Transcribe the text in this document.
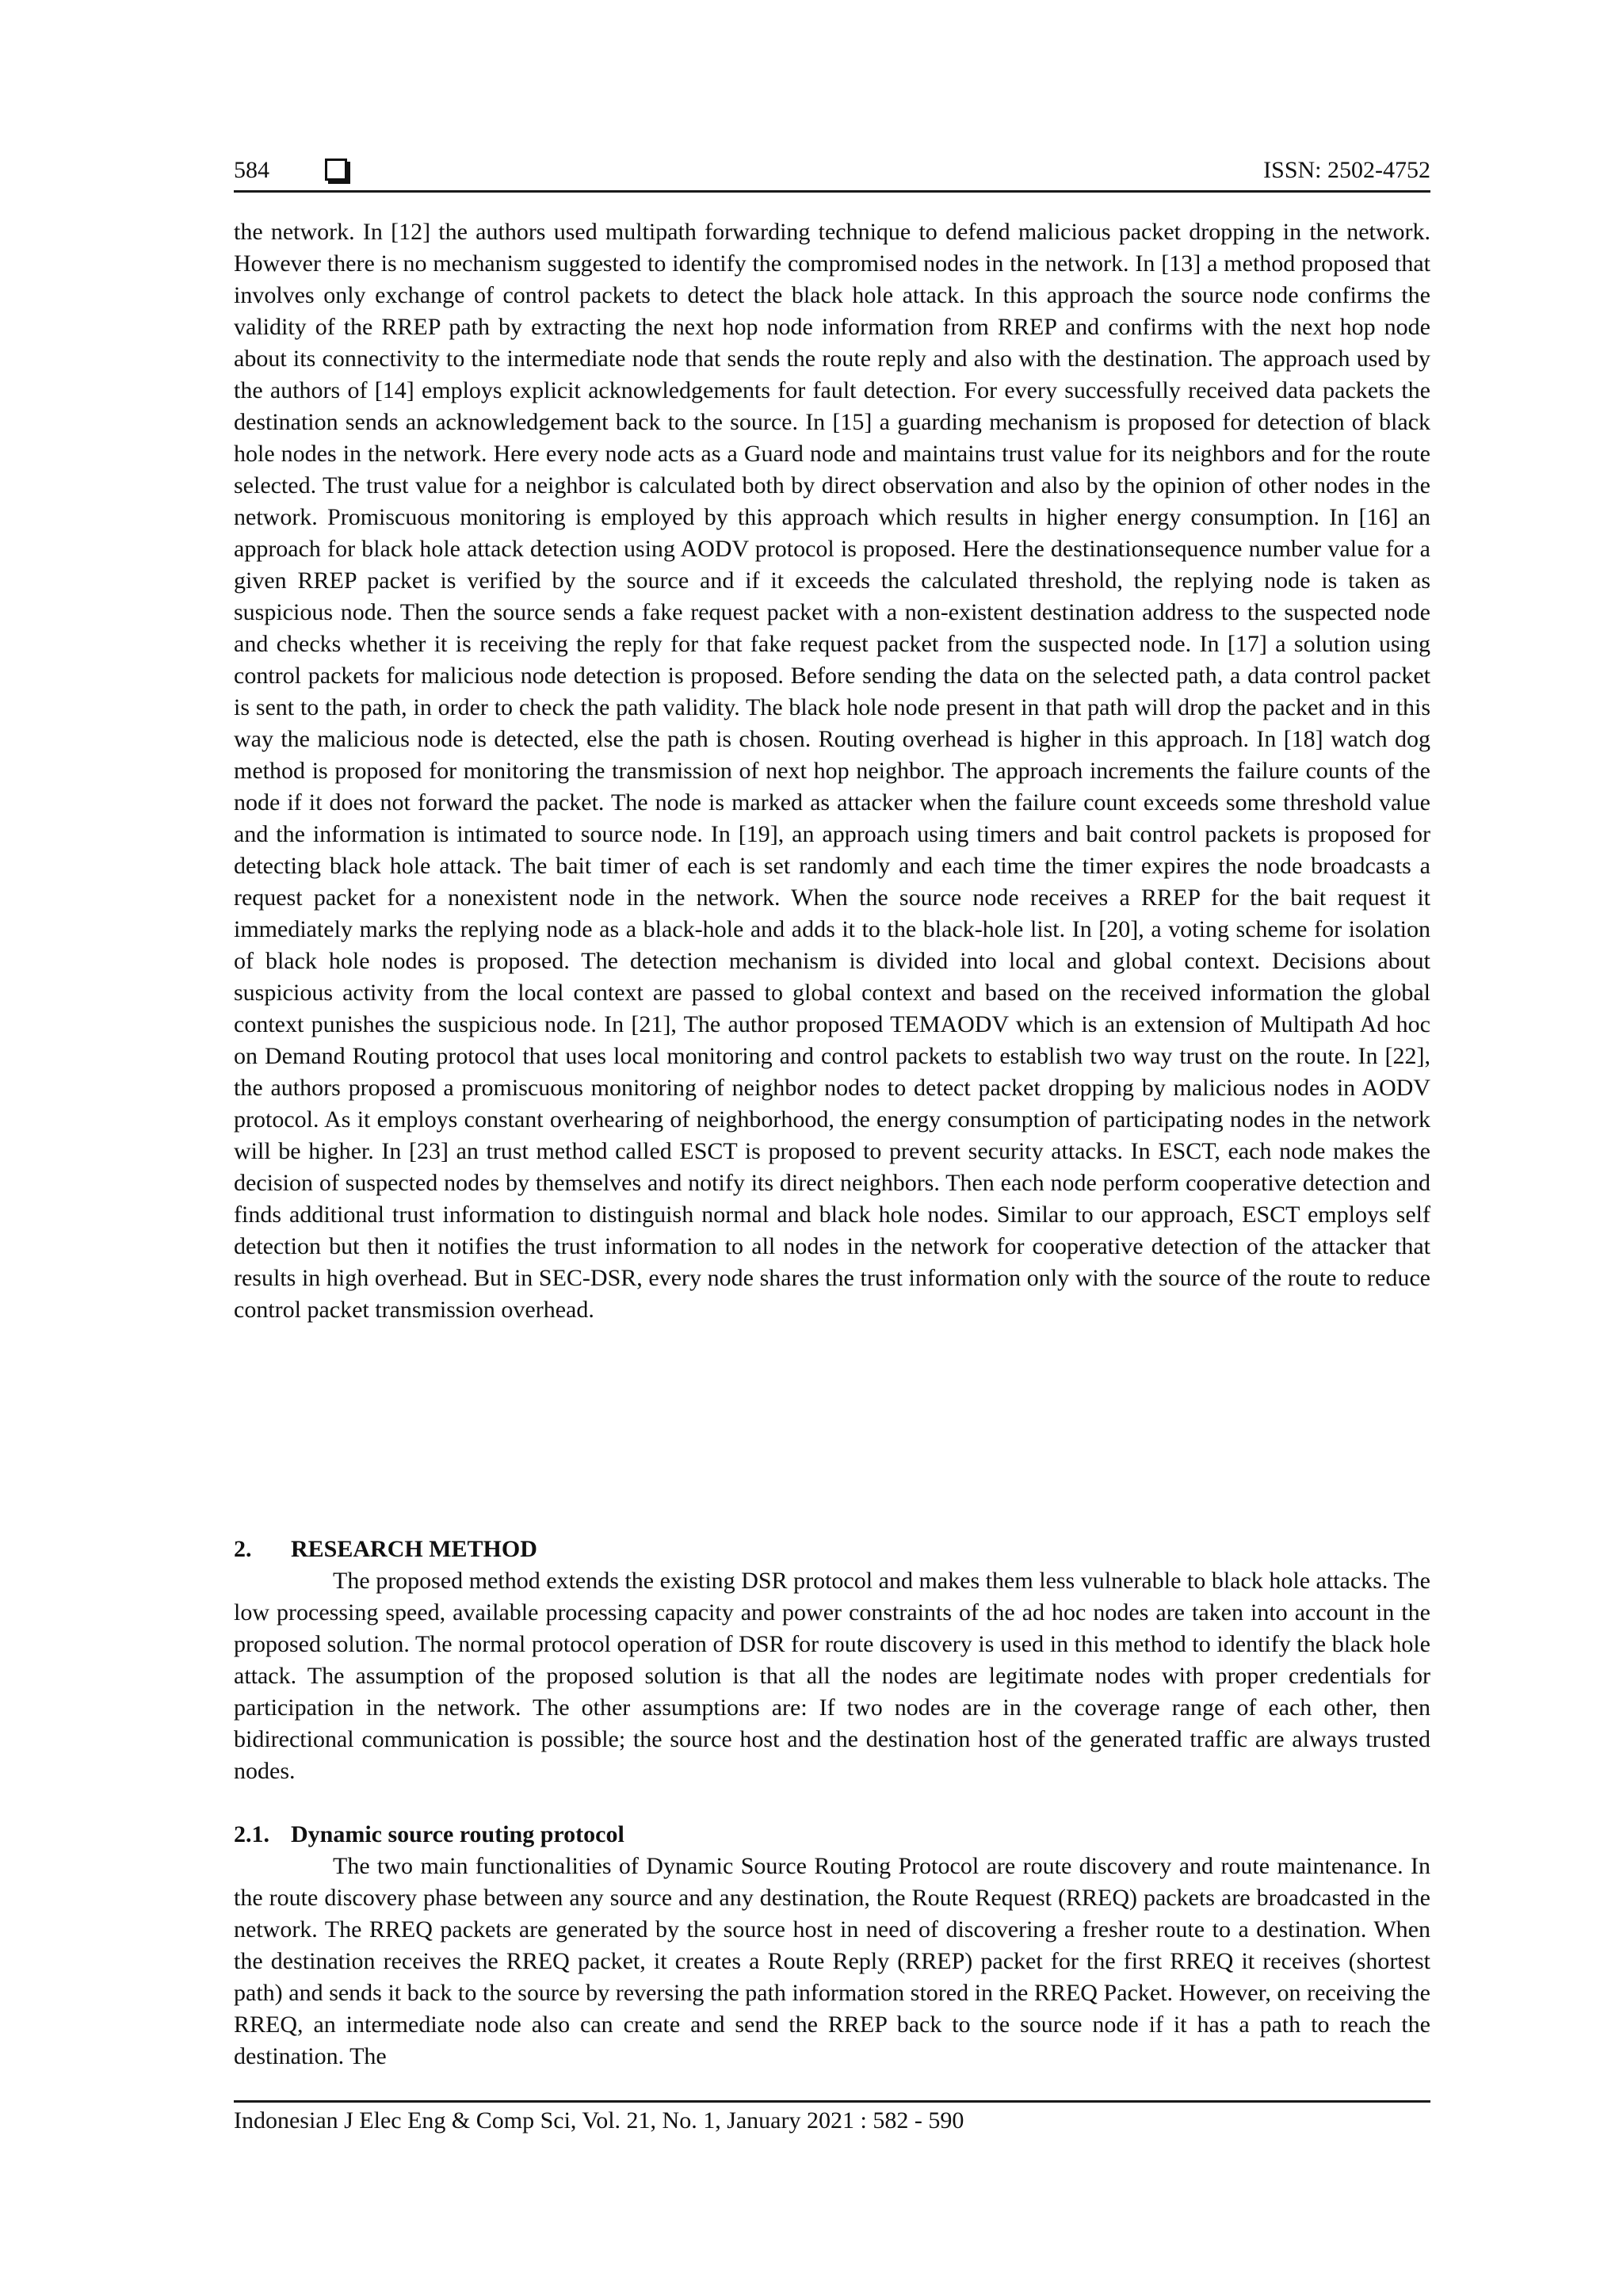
584	ISSN: 2502-4752

the network. In [12] the authors used multipath forwarding technique to defend malicious packet dropping in the network. However there is no mechanism suggested to identify the compromised nodes in the network. In [13] a method proposed that involves only exchange of control packets to detect the black hole attack. In this approach the source node confirms the validity of the RREP path by extracting the next hop node information from RREP and confirms with the next hop node about its connectivity to the intermediate node that sends the route reply and also with the destination. The approach used by the authors of [14] employs explicit acknowledgements for fault detection. For every successfully received data packets the destination sends an acknowledgement back to the source. In [15] a guarding mechanism is proposed for detection of black hole nodes in the network. Here every node acts as a Guard node and maintains trust value for its neighbors and for the route selected. The trust value for a neighbor is calculated both by direct observation and also by the opinion of other nodes in the network. Promiscuous monitoring is employed by this approach which results in higher energy consumption. In [16] an approach for black hole attack detection using AODV protocol is proposed. Here the destinationsequence number value for a given RREP packet is verified by the source and if it exceeds the calculated threshold, the replying node is taken as suspicious node. Then the source sends a fake request packet with a non-existent destination address to the suspected node and checks whether it is receiving the reply for that fake request packet from the suspected node. In [17] a solution using control packets for malicious node detection is proposed. Before sending the data on the selected path, a data control packet is sent to the path, in order to check the path validity. The black hole node present in that path will drop the packet and in this way the malicious node is detected, else the path is chosen. Routing overhead is higher in this approach. In [18] watch dog method is proposed for monitoring the transmission of next hop neighbor. The approach increments the failure counts of the node if it does not forward the packet. The node is marked as attacker when the failure count exceeds some threshold value and the information is intimated to source node. In [19], an approach using timers and bait control packets is proposed for detecting black hole attack. The bait timer of each is set randomly and each time the timer expires the node broadcasts a request packet for a nonexistent node in the network. When the source node receives a RREP for the bait request it immediately marks the replying node as a black-hole and adds it to the black-hole list. In [20], a voting scheme for isolation of black hole nodes is proposed. The detection mechanism is divided into local and global context. Decisions about suspicious activity from the local context are passed to global context and based on the received information the global context punishes the suspicious node. In [21], The author proposed TEMAODV which is an extension of Multipath Ad hoc on Demand Routing protocol that uses local monitoring and control packets to establish two way trust on the route. In [22], the authors proposed a promiscuous monitoring of neighbor nodes to detect packet dropping by malicious nodes in AODV protocol. As it employs constant overhearing of neighborhood, the energy consumption of participating nodes in the network will be higher. In [23] an trust method called ESCT is proposed to prevent security attacks. In ESCT, each node makes the decision of suspected nodes by themselves and notify its direct neighbors. Then each node perform cooperative detection and finds additional trust information to distinguish normal and black hole nodes. Similar to our approach, ESCT employs self detection but then it notifies the trust information to all nodes in the network for cooperative detection of the attacker that results in high overhead. But in SEC-DSR, every node shares the trust information only with the source of the route to reduce control packet transmission overhead.

2. RESEARCH METHOD

The proposed method extends the existing DSR protocol and makes them less vulnerable to black hole attacks. The low processing speed, available processing capacity and power constraints of the ad hoc nodes are taken into account in the proposed solution. The normal protocol operation of DSR for route discovery is used in this method to identify the black hole attack. The assumption of the proposed solution is that all the nodes are legitimate nodes with proper credentials for participation in the network. The other assumptions are: If two nodes are in the coverage range of each other, then bidirectional communication is possible; the source host and the destination host of the generated traffic are always trusted nodes.

2.1. Dynamic source routing protocol

The two main functionalities of Dynamic Source Routing Protocol are route discovery and route maintenance. In the route discovery phase between any source and any destination, the Route Request (RREQ) packets are broadcasted in the network. The RREQ packets are generated by the source host in need of discovering a fresher route to a destination. When the destination receives the RREQ packet, it creates a Route Reply (RREP) packet for the first RREQ it receives (shortest path) and sends it back to the source by reversing the path information stored in the RREQ Packet. However, on receiving the RREQ, an intermediate node also can create and send the RREP back to the source node if it has a path to reach the destination. The

Indonesian J Elec Eng & Comp Sci, Vol. 21, No. 1, January 2021 : 582 - 590
